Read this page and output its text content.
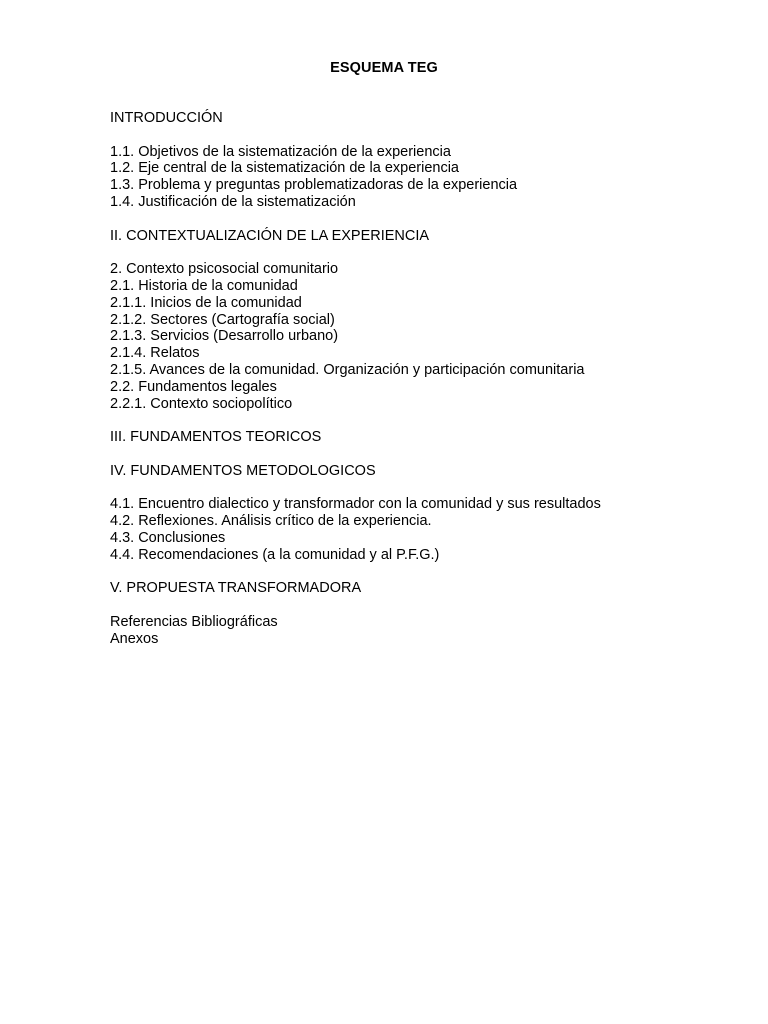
ESQUEMA TEG
INTRODUCCIÓN
1.1. Objetivos de la sistematización de la experiencia
1.2. Eje central de la sistematización de la experiencia
1.3. Problema y preguntas problematizadoras de la experiencia
1.4. Justificación de la sistematización
II. CONTEXTUALIZACIÓN DE LA EXPERIENCIA
2. Contexto psicosocial comunitario
2.1. Historia de la comunidad
2.1.1. Inicios de la comunidad
2.1.2. Sectores (Cartografía social)
2.1.3. Servicios (Desarrollo urbano)
2.1.4. Relatos
2.1.5. Avances de la comunidad. Organización y participación comunitaria
2.2. Fundamentos legales
2.2.1. Contexto sociopolítico
III. FUNDAMENTOS TEORICOS
IV. FUNDAMENTOS METODOLOGICOS
4.1. Encuentro dialectico y transformador con la comunidad y sus resultados
4.2. Reflexiones. Análisis crítico de la experiencia.
4.3. Conclusiones
4.4. Recomendaciones (a la comunidad y al P.F.G.)
V. PROPUESTA TRANSFORMADORA
Referencias Bibliográficas
Anexos
